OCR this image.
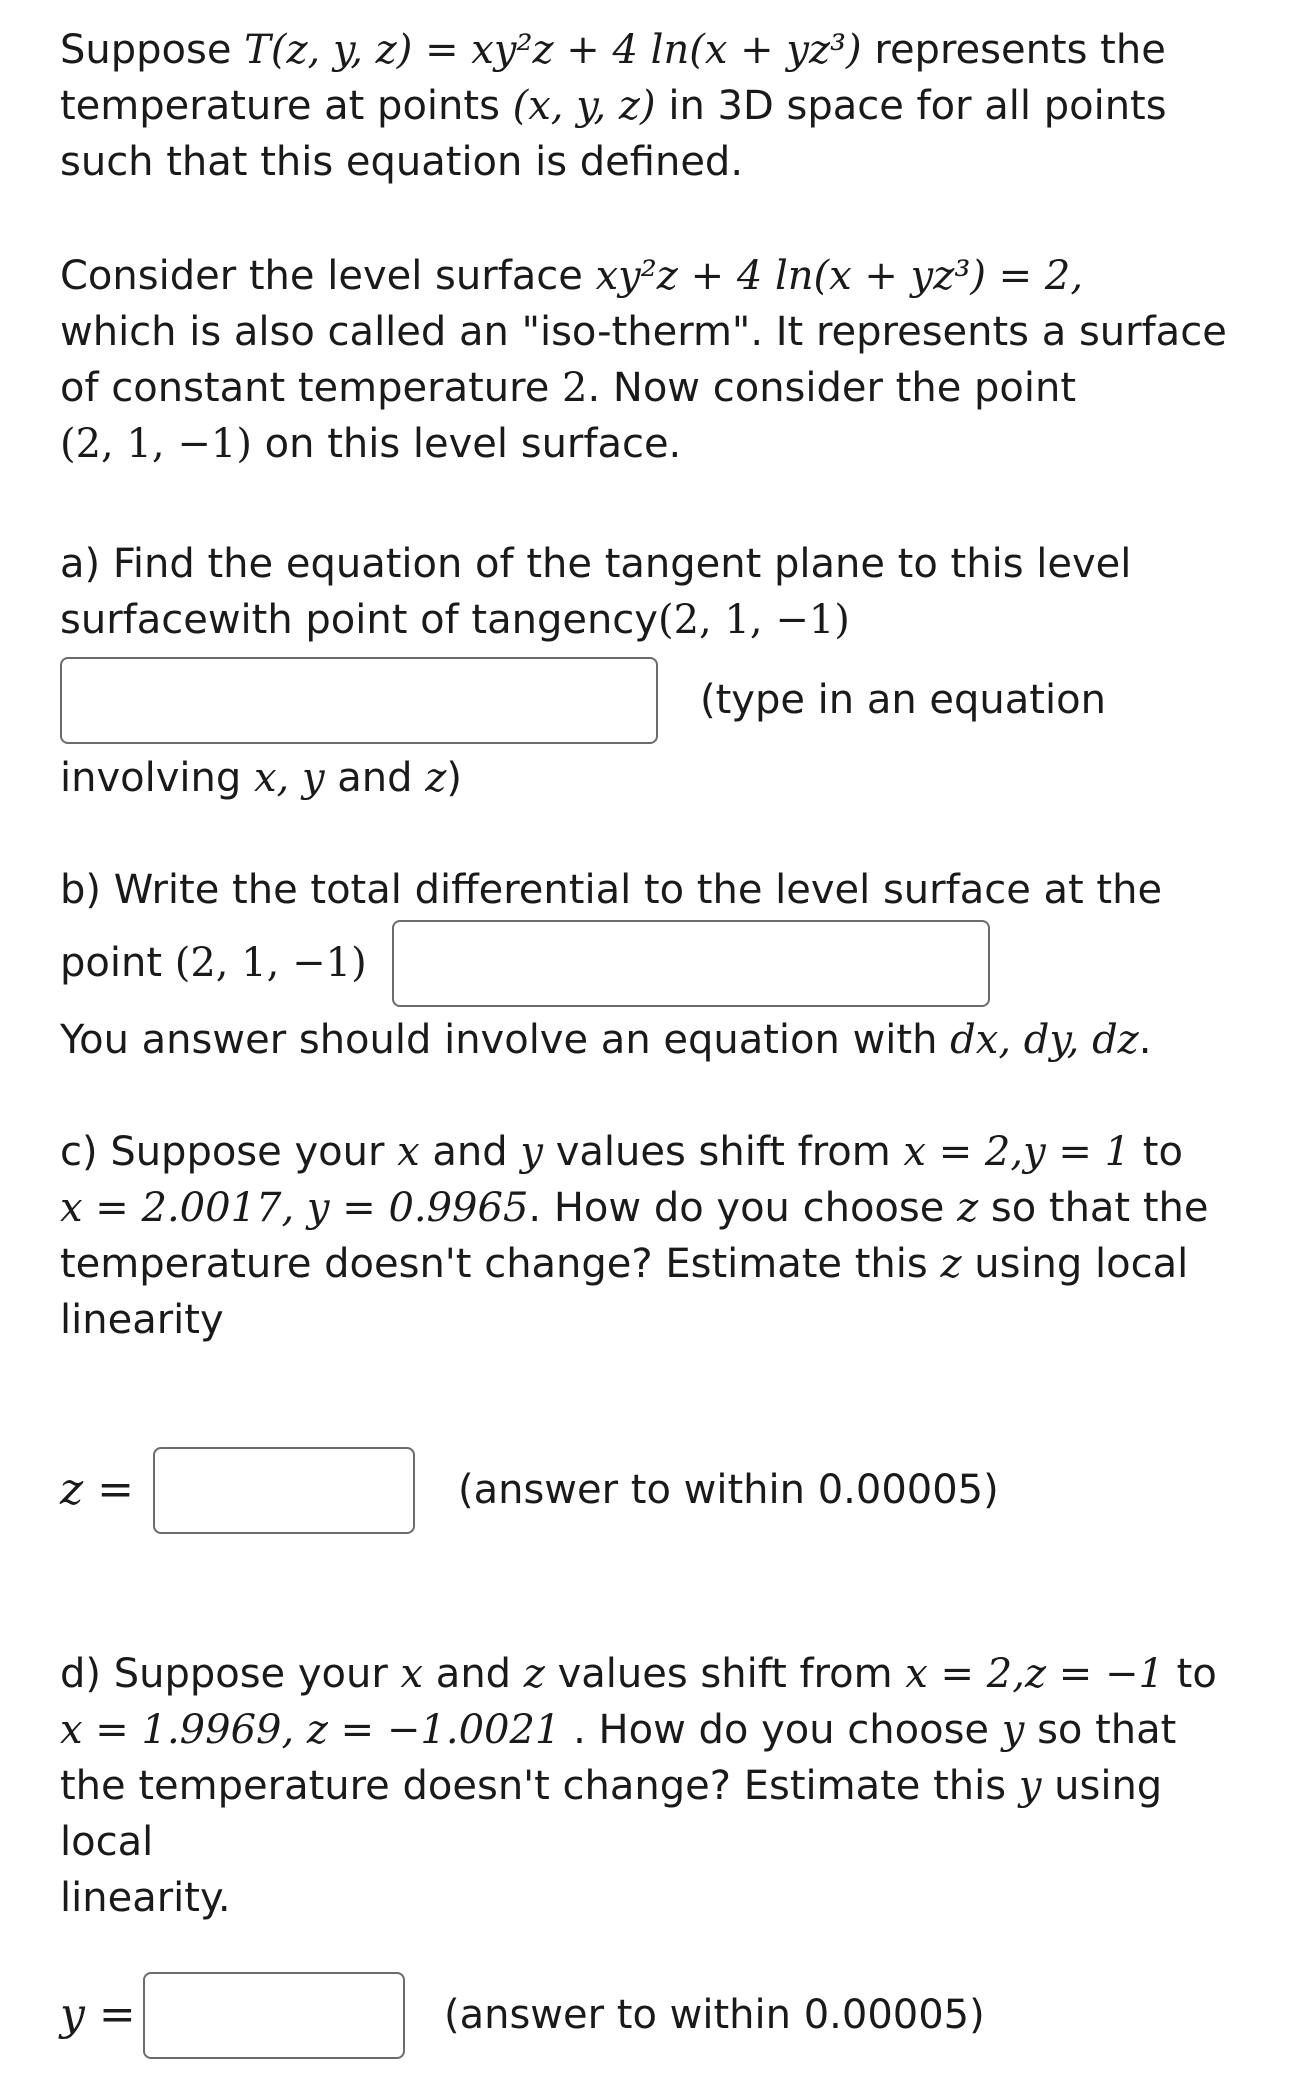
Suppose T(z, y, z) = xy²z + 4 ln(x + yz³) represents the
temperature at points (x, y, z) in 3D space for all points
such that this equation is defined.
Consider the level surface xy²z + 4 ln(x + yz³) = 2,
which is also called an "iso-therm". It represents a surface
of constant temperature 2. Now consider the point
(2, 1, −1) on this level surface.
a) Find the equation of the tangent plane to this level
surfacewith point of tangency(2, 1, −1)
(type in an equation
involving x, y and z)
b) Write the total differential to the level surface at the
point (2, 1, −1)
You answer should involve an equation with dx, dy, dz.
c) Suppose your x and y values shift from x = 2,y = 1 to
x = 2.0017, y = 0.9965. How do you choose z so that the
temperature doesn't change? Estimate this z using local
linearity
z =	(answer to within 0.00005)
d) Suppose your x and z values shift from x = 2,z = −1 to
x = 1.9969, z = −1.0021 . How do you choose y so that
the temperature doesn't change? Estimate this y using local
linearity.
y =	(answer to within 0.00005)
